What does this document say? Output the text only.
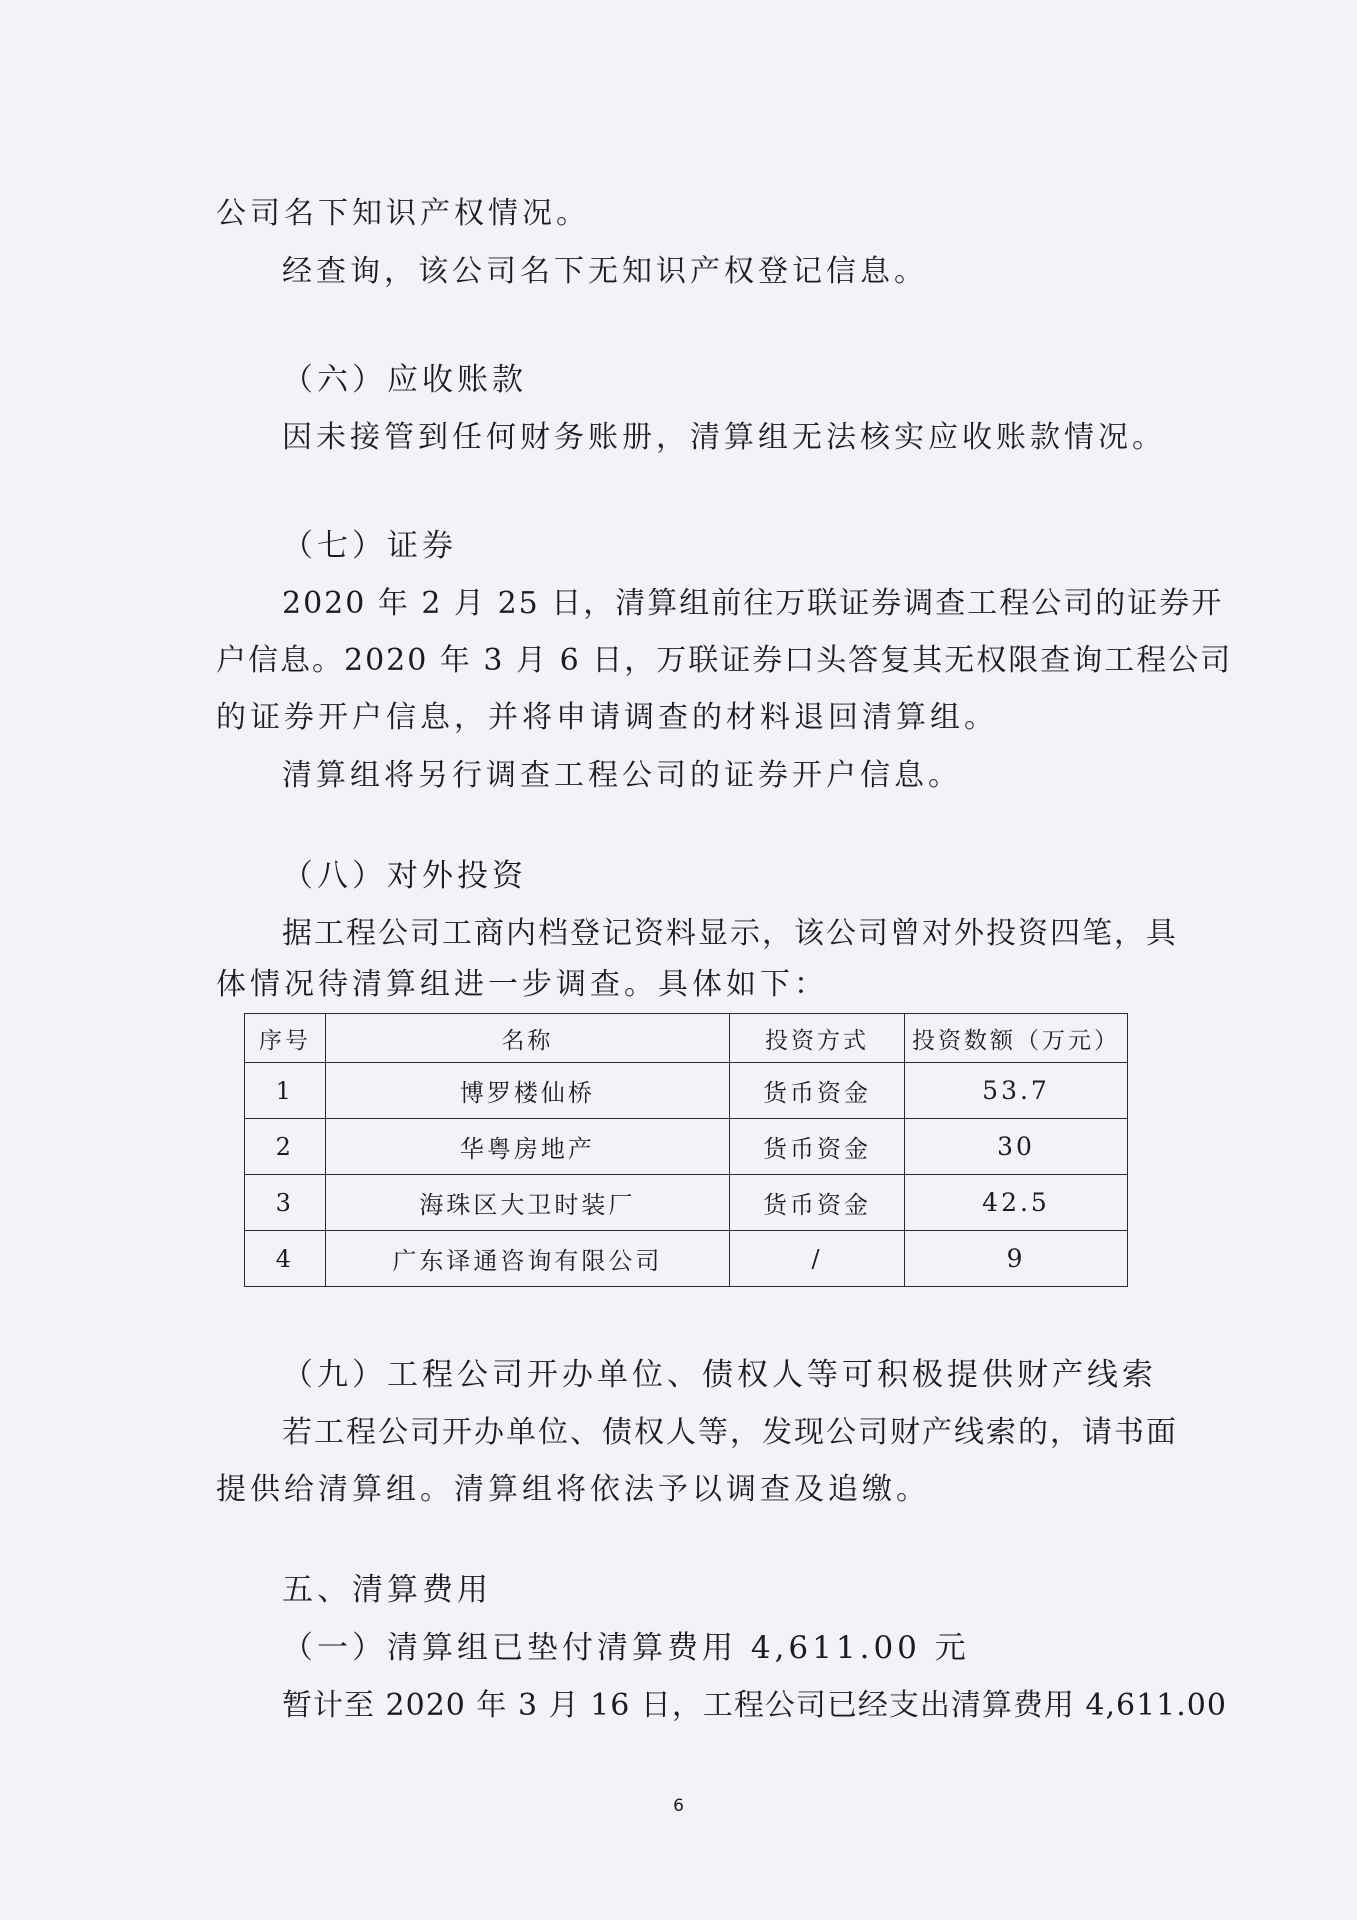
公司名下知识产权情况。
经查询，该公司名下无知识产权登记信息。
（六）应收账款
因未接管到任何财务账册，清算组无法核实应收账款情况。
（七）证券
2020 年 2 月 25 日，清算组前往万联证券调查工程公司的证券开
户信息。2020 年 3 月 6 日，万联证券口头答复其无权限查询工程公司
的证券开户信息，并将申请调查的材料退回清算组。
清算组将另行调查工程公司的证券开户信息。
（八）对外投资
据工程公司工商内档登记资料显示，该公司曾对外投资四笔，具
体情况待清算组进一步调查。具体如下：
序号	名称	投资方式	投资数额（万元）
1	博罗楼仙桥	货币资金	53.7
2	华粤房地产	货币资金	30
3	海珠区大卫时装厂	货币资金	42.5
4	广东译通咨询有限公司	/	9
（九）工程公司开办单位、债权人等可积极提供财产线索
若工程公司开办单位、债权人等，发现公司财产线索的，请书面
提供给清算组。清算组将依法予以调查及追缴。
五、清算费用
（一）清算组已垫付清算费用 4,611.00 元
暂计至 2020 年 3 月 16 日，工程公司已经支出清算费用 4,611.00
6
